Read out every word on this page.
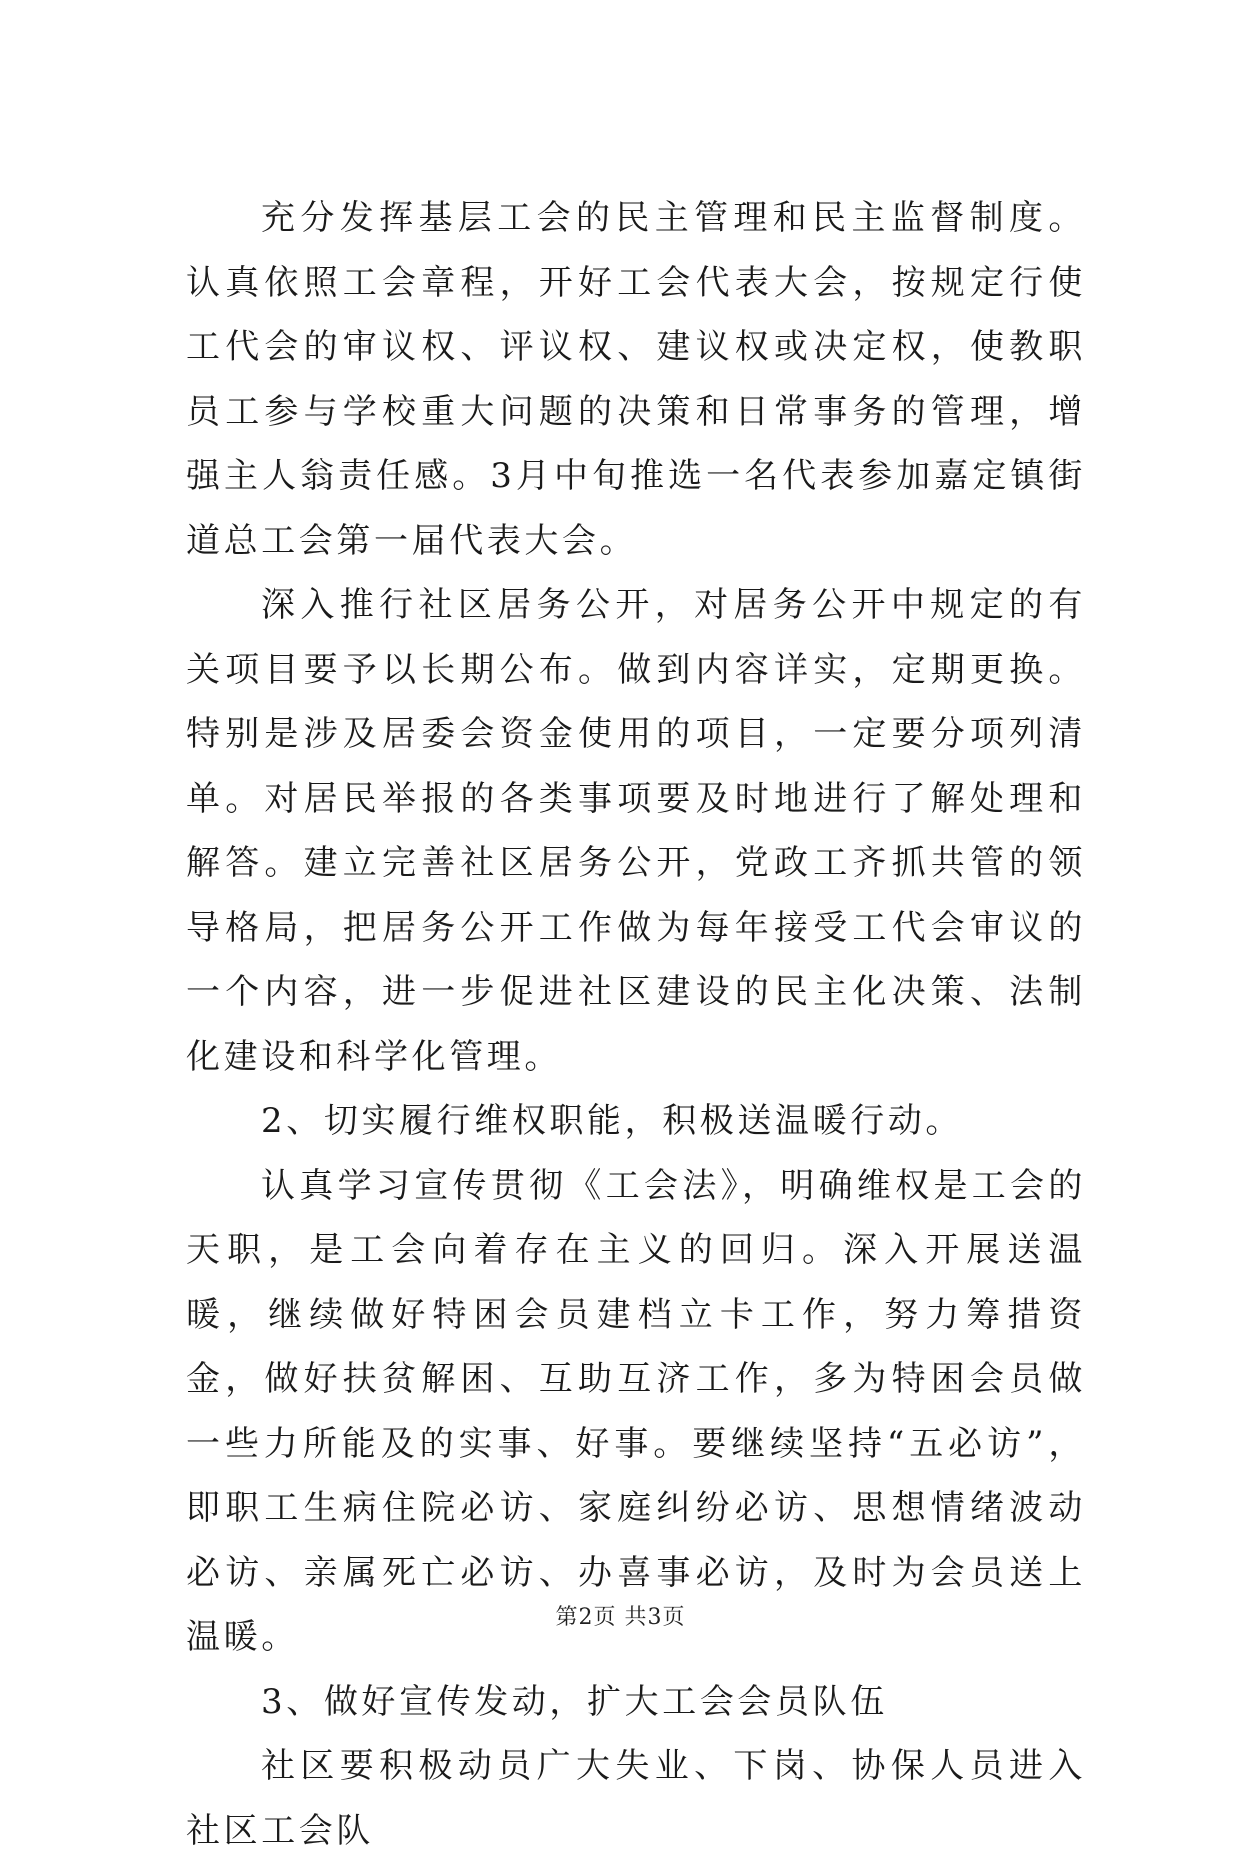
充分发挥基层工会的民主管理和民主监督制度。认真依照工会章程，开好工会代表大会，按规定行使工代会的审议权、评议权、建议权或决定权，使教职员工参与学校重大问题的决策和日常事务的管理，增强主人翁责任感。3月中旬推选一名代表参加嘉定镇街道总工会第一届代表大会。

深入推行社区居务公开，对居务公开中规定的有关项目要予以长期公布。做到内容详实，定期更换。特别是涉及居委会资金使用的项目，一定要分项列清单。对居民举报的各类事项要及时地进行了解处理和解答。建立完善社区居务公开，党政工齐抓共管的领导格局，把居务公开工作做为每年接受工代会审议的一个内容，进一步促进社区建设的民主化决策、法制化建设和科学化管理。

2、切实履行维权职能，积极送温暖行动。

认真学习宣传贯彻《工会法》，明确维权是工会的天职，是工会向着存在主义的回归。深入开展送温暖，继续做好特困会员建档立卡工作，努力筹措资金，做好扶贫解困、互助互济工作，多为特困会员做一些力所能及的实事、好事。要继续坚持“五必访”，即职工生病住院必访、家庭纠纷必访、思想情绪波动必访、亲属死亡必访、办喜事必访，及时为会员送上温暖。

3、做好宣传发动，扩大工会会员队伍

社区要积极动员广大失业、下岗、协保人员进入社区工会队

第2页 共3页
